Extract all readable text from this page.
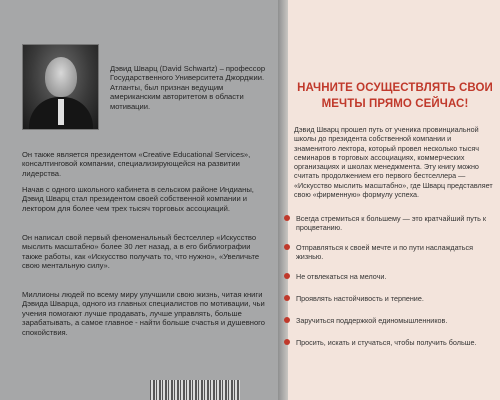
Дэвид Шварц (David Schwartz) – профессор Государственного Университета Джорджии. Атланты, был признан ведущим американским авторитетом в области мотивации.
Он также является президентом «Creative Educational Services», консалтинговой компании, специализирующейся на развитии лидерства.
Начав с одного школьного кабинета в сельском районе Индианы, Дэвид Шварц стал президентом своей собственной компании и лектором для более чем трех тысяч торговых ассоциаций.
Он написал свой первый феноменальный бестселлер «Искусство мыслить масштабно» более 30 лет назад, а в его библиографии также работы, как «Искусство получать то, что нужно», «Увеличьте свою ментальную силу».
Миллионы людей по всему миру улучшили свою жизнь, читая книги Дэвида Шварца, одного из главных специалистов по мотивации, чьи учения помогают лучше продавать, лучше управлять, больше зарабатывать, а самое главное - найти больше счастья и душевного спокойствия.
НАЧНИТЕ ОСУЩЕСТВЛЯТЬ СВОИ МЕЧТЫ ПРЯМО СЕЙЧАС!
Дэвид Шварц прошел путь от ученика провинциальной школы до президента собственной компании и знаменитого лектора, который провел несколько тысяч семинаров в торговых ассоциациях, коммерческих организациях и школах менеджмента. Эту книгу можно считать продолжением его первого бестселлера — «Искусство мыслить масштабно», где Шварц представляет свою «фирменную» формулу успеха.
Всегда стремиться к большему — это кратчайший путь к процветанию.
Отправляться к своей мечте и по пути наслаждаться жизнью.
Не отвлекаться на мелочи.
Проявлять настойчивость и терпение.
Заручиться поддержкой единомышленников.
Просить, искать и стучаться, чтобы получить больше.
